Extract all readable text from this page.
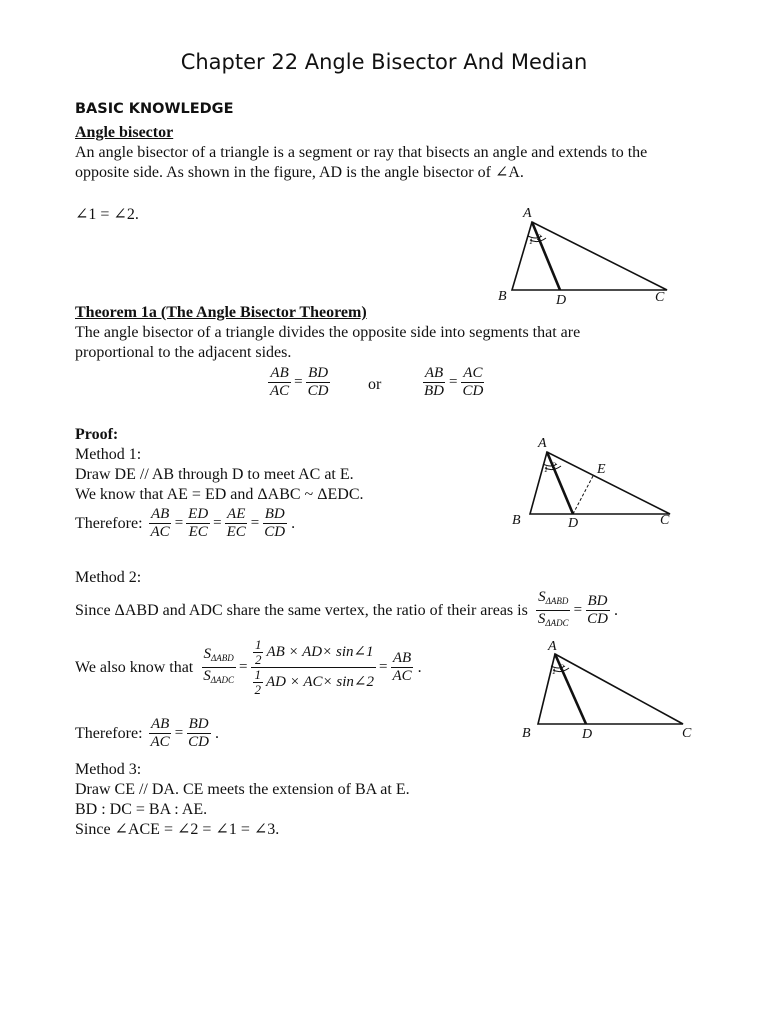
Chapter 22 Angle Bisector And Median
BASIC KNOWLEDGE
Angle bisector
An angle bisector of a triangle is a segment or ray that bisects an angle and extends to the
opposite side. As shown in the figure, AD is the angle bisector of ∠A.
∠1 = ∠2.	A
B	D	C
1 2
Theorem 1a (The Angle Bisector Theorem)
The angle bisector of a triangle divides the opposite side into segments that are
proportional to the adjacent sides.
$\frac{AB}{AC} = \frac{BD}{CD}$ or	$\frac{AB}{BD} = \frac{AC}{CD}$
Proof:
Method 1:
Draw DE // AB through D to meet AC at E.
We know that AE = ED and ΔABC ~ ΔEDC.
Therefore: $\frac{AB}{AC} = \frac{ED}{EC} = \frac{AE}{EC} = \frac{BD}{CD}$ .
A
B	D	C
E
1 2
Method 2:
Since ΔABD and ADC share the same vertex, the ratio of their areas is $\frac{S_{\Delta ABD}}{S_{\Delta ADC}} = \frac{BD}{CD}$ .
We also know that $\frac{S_{\Delta ABD}}{S_{\Delta ADC}} = \frac{\frac{1}{2} AB \times AD\times \sin\angle 1}{\frac{1}{2} AD \times AC\times \sin\angle 2} = \frac{AB}{AC}$ .
Therefore: $\frac{AB}{AC} = \frac{BD}{CD}$ .
A
B	D	C
1 2
Method 3:
Draw CE // DA. CE meets the extension of BA at E.
BD : DC = BA : AE.
Since ∠ACE = ∠2 = ∠1 = ∠3.
